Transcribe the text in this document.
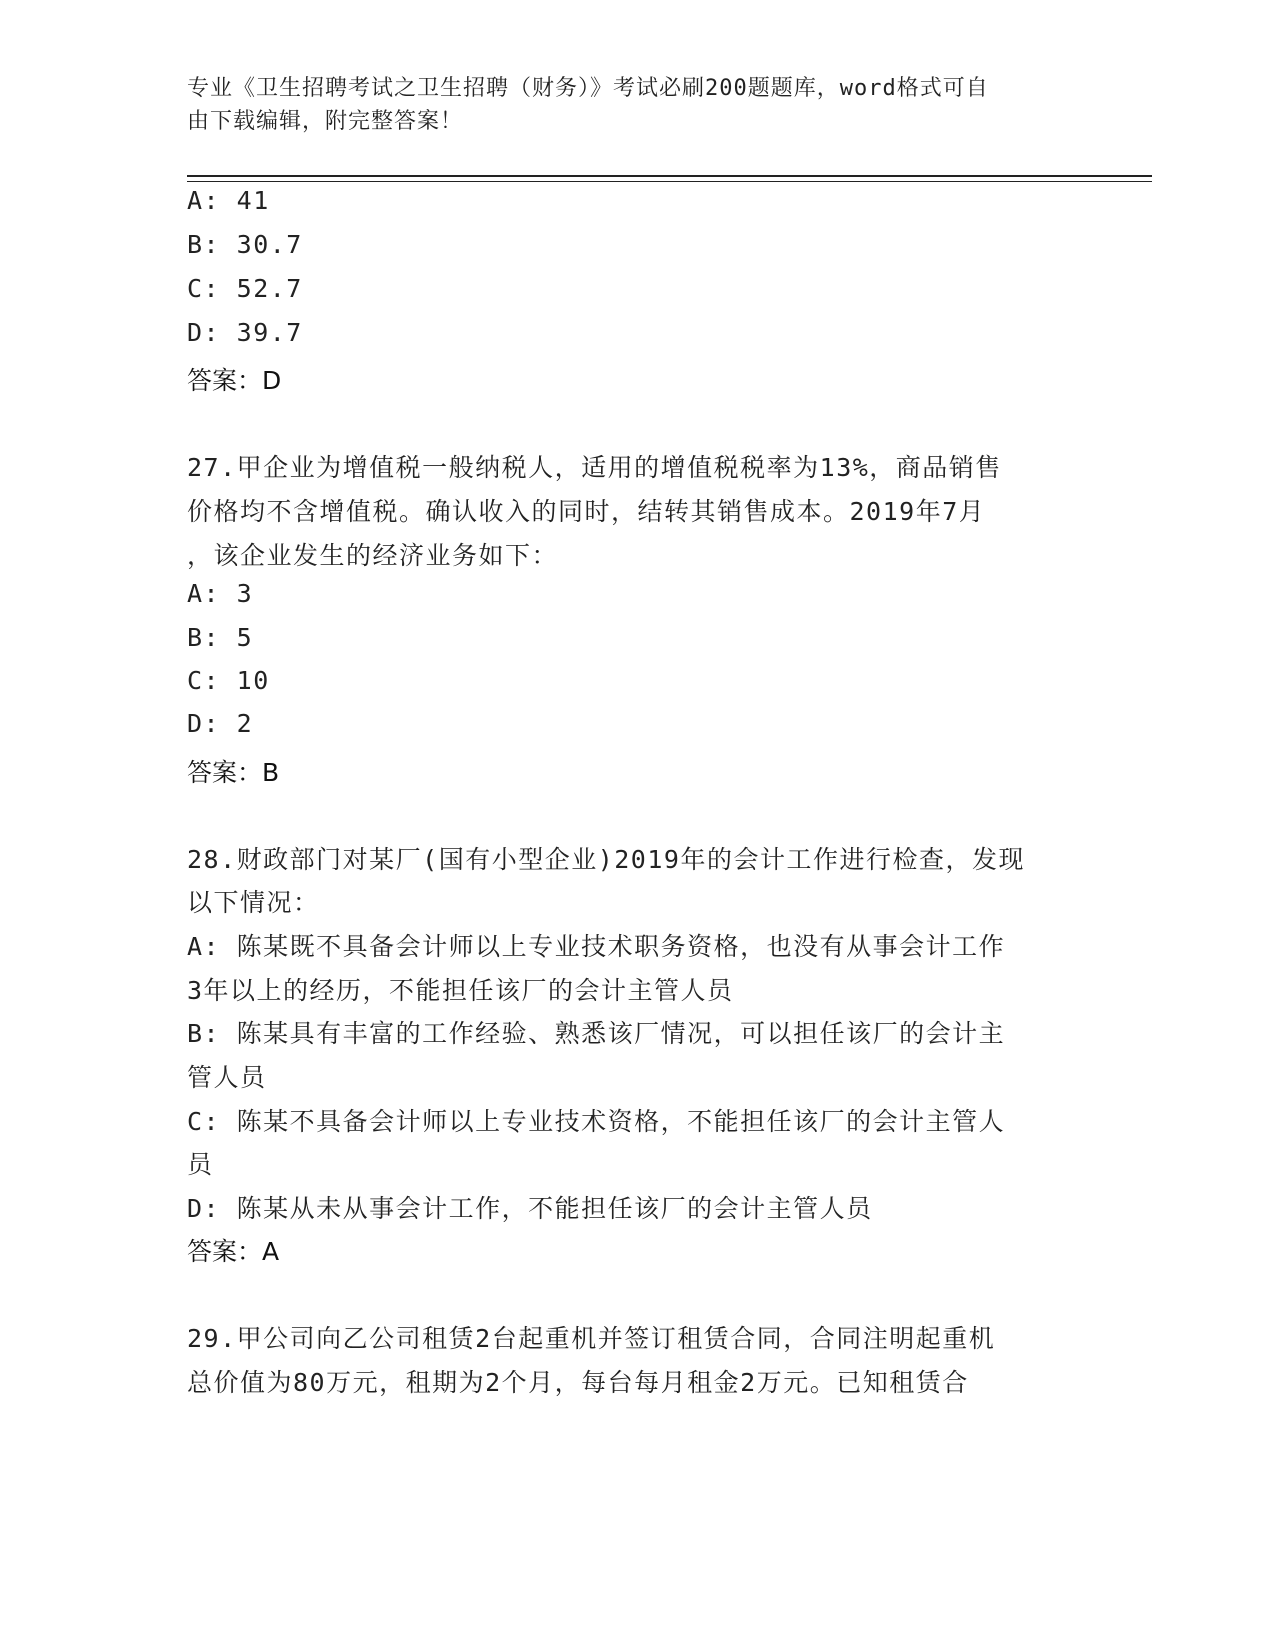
专业《卫生招聘考试之卫生招聘（财务）》考试必刷200题题库，word格式可自
由下载编辑，附完整答案！
A: 41
B: 30.7
C: 52.7
D: 39.7
答案：D
27.甲企业为增值税一般纳税人，适用的增值税税率为13%，商品销售
价格均不含增值税。确认收入的同时，结转其销售成本。2019年7月
，该企业发生的经济业务如下：
A: 3
B: 5
C: 10
D: 2
答案：B
28.财政部门对某厂(国有小型企业)2019年的会计工作进行检查，发现
以下情况：
A: 陈某既不具备会计师以上专业技术职务资格，也没有从事会计工作
3年以上的经历，不能担任该厂的会计主管人员
B: 陈某具有丰富的工作经验、熟悉该厂情况，可以担任该厂的会计主
管人员
C: 陈某不具备会计师以上专业技术资格，不能担任该厂的会计主管人
员
D: 陈某从未从事会计工作，不能担任该厂的会计主管人员
答案：A
29.甲公司向乙公司租赁2台起重机并签订租赁合同，合同注明起重机
总价值为80万元，租期为2个月，每台每月租金2万元。已知租赁合
